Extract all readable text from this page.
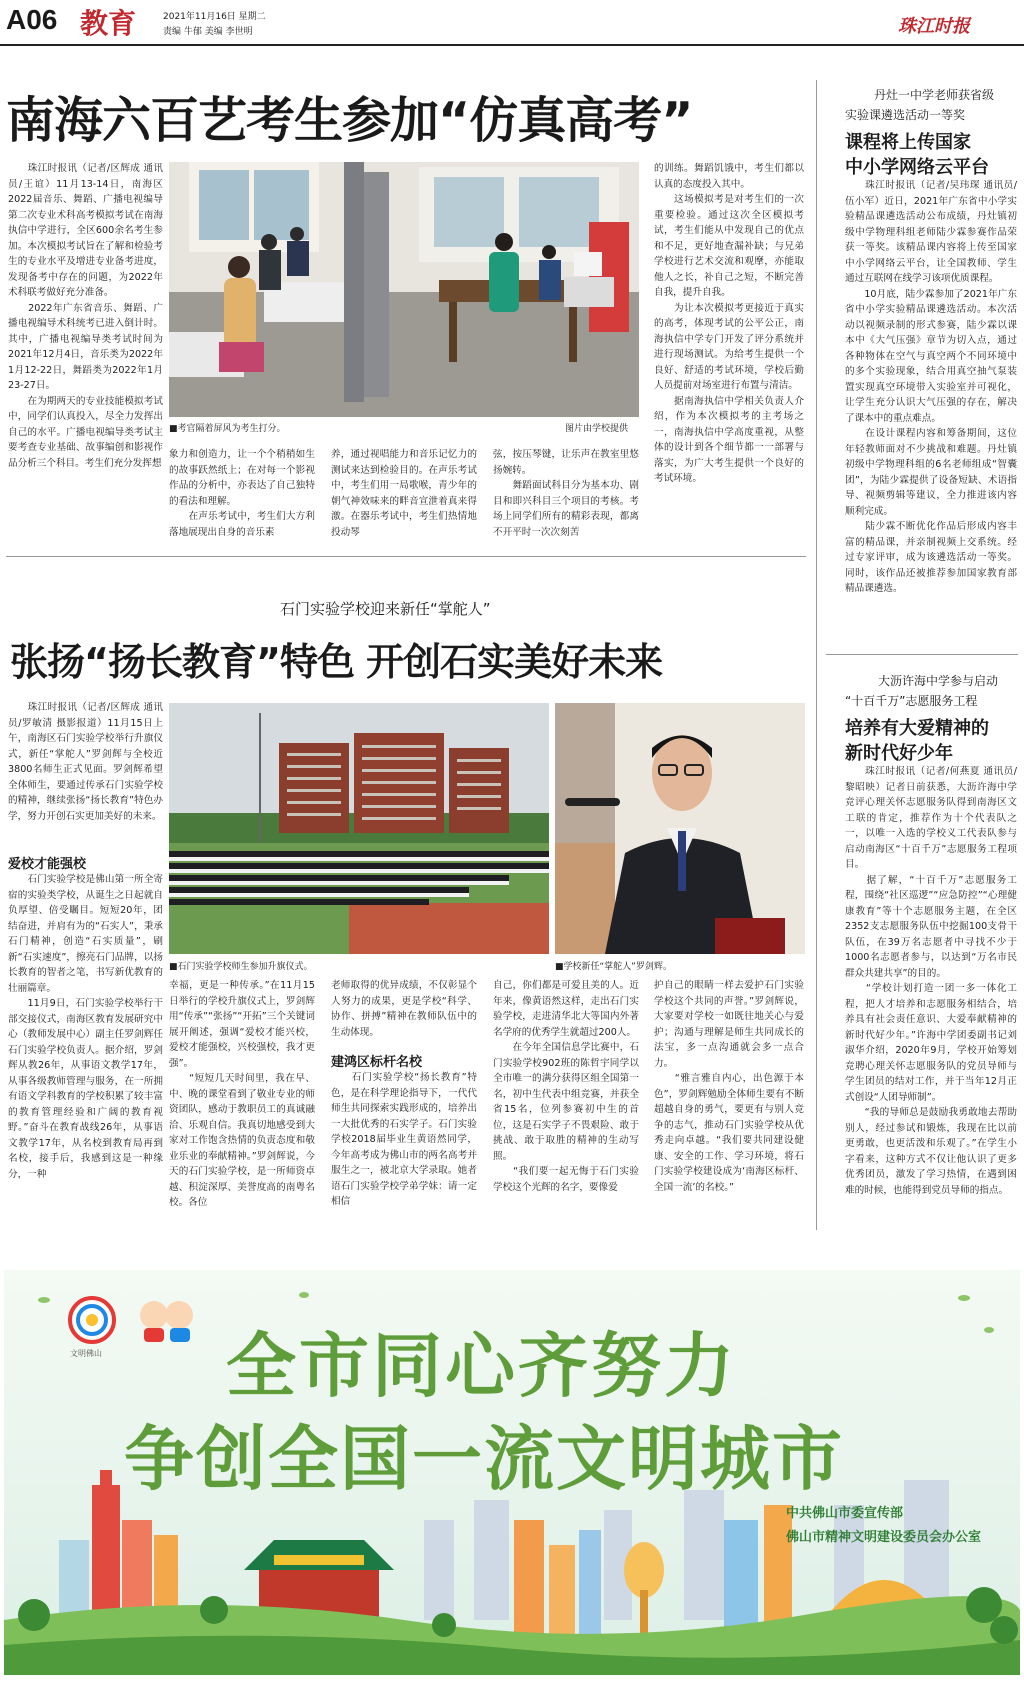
A06 教育	2021年11月16日 星期二
责编 牛郁 美编 李世明	珠江时报
南海六百艺考生参加“仿真高考”
　　珠江时报讯（记者/区辉成 通讯员/王谊）11月13-14日，南海区2022届音乐、舞蹈、广播电视编导第二次专业术科高考模拟考试在南海执信中学进行，全区600余名考生参加。本次模拟考试旨在了解和检验考生的专业水平及增进专业备考进度，发现备考中存在的问题，为2022年术科联考做好充分准备。
　　2022年广东省音乐、舞蹈、广播电视编导术科统考已进入倒计时。其中，广播电视编导类考试时间为2021年12月4日，音乐类为2022年1月12-22日，舞蹈类为2022年1月23-27日。
　　在为期两天的专业技能模拟考试中，同学们认真投入，尽全力发挥出自己的水平。广播电视编导类考试主要考查专业基础、故事编创和影视作品分析三个科目。考生们充分发挥想
■考官隔着屏风为考生打分。	图片由学校提供
象力和创造力，让一个个稍稍如生的故事跃然纸上；在对每一个影视作品的分析中，亦表达了自己独特的看法和理解。
　　在声乐考试中，考生们大方利落地展现出自身的音乐素
养，通过视唱能力和音乐记忆力的测试来达到检验目的。在声乐考试中，考生们用一局歌喉，青少年的朝气神效味来的畔音宣泄着真来得激。在器乐考试中，考生们热情地投动琴
弦，按压琴键，让乐声在教室里悠扬婉转。
　　舞蹈面试科目分为基本功、剧目和即兴科目三个项目的考核。考场上同学们所有的精彩表现，都离不开平时一次次刻苦
的训练。舞蹈饥饿中，考生们都以认真的态度投入其中。
　　这场模拟考是对考生们的一次重要检验。通过这次全区模拟考试，考生们能从中发现自己的优点和不足，更好地查漏补缺；与兄弟学校进行艺术交流和观摩，亦能取他人之长，补自己之短，不断完善自我，提升自我。
　　为让本次模拟考更接近于真实的高考，体现考试的公平公正，南海执信中学专门开发了评分系统并进行现场测试。为给考生提供一个良好、舒适的考试环境，学校后勤人员提前对场室进行布置与清洁。
　　据南海执信中学相关负责人介绍，作为本次模拟考的主考场之一，南海执信中学高度重视，从整体的设计到各个细节都一一部署与落实，为广大考生提供一个良好的考试环境。
石门实验学校迎来新任“掌舵人”
张扬“扬长教育”特色 开创石实美好未来
　　珠江时报讯（记者/区辉成 通讯员/罗敏清 摄影报道）11月15日上午，南海区石门实验学校举行升旗仪式，新任“掌舵人”罗剑辉与全校近3800名师生正式见面。罗剑辉希望全体师生，要通过传承石门实验学校的精神，继续张扬“扬长教育”特色办学，努力开创石实更加美好的未来。
爱校才能强校
　　石门实验学校是佛山第一所全寄宿的实验类学校，从诞生之日起就自负厚望、倍受瞩目。短短20年，团结奋进，并肩有为的“石实人”，秉承石门精神，创造“石实质量”，刷新“石实速度”，擦亮石门品牌，以扬长教育的智者之笔，书写新优教育的壮丽篇章。
　　11月9日，石门实验学校举行干部交接仪式，南海区教育发展研究中心（教师发展中心）副主任罗剑辉任石门实验学校负责人。据介绍，罗剑辉从教26年，从事语文教学17年，从事各级教师管理与服务，在一所拥有语文学科教育的学校积累了较丰富的教育管理经验和广阔的教育视野。”奋斗在教育战线26年，从事语文教学17年，从名校到教育局再到名校，接手后，我感到这是一种缘分，一种
■石门实验学校师生参加升旗仪式。	■学校新任“掌舵人”罗剑辉。
幸福，更是一种传承。”在11月15日举行的学校升旗仪式上，罗剑辉用“传承”“张扬”“开拓”三个关键词展开阐述，强调“爱校才能兴校，爱校才能强校，兴校强校，我才更强”。
　　“短短几天时间里，我在早、中、晚的课堂看到了敬业专业的师资团队，感动于教职员工的真诚融洽、乐观自信。我真切地感受到大家对工作饱含热情的负责态度和敬业乐业的奉献精神。”罗剑辉说，今天的石门实验学校，是一所师资卓越、积淀深厚、美誉度高的南粤名校。各位
老师取得的优异成绩，不仅彰显个人努力的成果，更是学校“科学、协作、拼搏”精神在教师队伍中的生动体现。
建鸿区标杆名校
　　石门实验学校“扬长教育”特色，是在科学理论指导下，一代代师生共同探索实践形成的，培养出一大批优秀的石实学子。石门实验学校2018届毕业生黄语然同学，今年高考成为佛山市的两名高考并服生之一，被北京大学录取。她者语石门实验学校学弟学妹：请一定相信
自己，你们都是可爱且美的人。近年来，像黄语然这样，走出石门实验学校，走进清华北大等国内外著名学府的优秀学生就超过200人。
　　在今年全国信息学比赛中，石门实验学校902班的陈哲宇同学以全市唯一的满分获得区组全国第一名，初中生代表中组竞赛，并获全省15名，位列参赛初中生的首位，这是石实学子不畏艰险、敢于挑战、敢于取胜的精神的生动写照。
　　“我们要一起无悔于石门实验学校这个光辉的名字，要像爱
护自己的眼睛一样去爱护石门实验学校这个共同的声誉。”罗剑辉说，大家要对学校一如既往地关心与爱护；沟通与理解是师生共同成长的法宝，多一点沟通就会多一点合力。
　　“雅言雅自内心，出色源于本色”，罗剑辉勉励全体师生要有不断超越自身的勇气，要更有与别人竞争的志气，推动石门实验学校从优秀走向卓越。“我们要共同建设健康、安全的工作、学习环境，将石门实验学校建设成为‘南海区标杆、全国一流’的名校。”
丹灶一中学老师获省级
实验课遴选活动一等奖
课程将上传国家
中小学网络云平台
　　珠江时报讯（记者/吴玮琛 通讯员/伍小军）近日，2021年广东省中小学实验精品课遴选活动公布成绩，丹灶镇初级中学物理科组老师陆少霖参赛作品荣获一等奖。该精品课内容将上传至国家中小学网络云平台，让全国教师、学生通过互联网在线学习该项优质课程。
　　10月底，陆少霖参加了2021年广东省中小学实验精品课遴选活动。本次活动以视频录制的形式参赛，陆少霖以课本中《大气压强》章节为切入点，通过各种物体在空气与真空两个不同环境中的多个实验现象，结合用真空抽气泵装置实现真空环境带入实验室并可视化，让学生充分认识大气压强的存在，解决了课本中的重点难点。
　　在设计课程内容和筹备期间，这位年轻教师面对不少挑战和难题。丹灶镇初级中学物理科组的6名老师组成“智囊团”，为陆少霖提供了设备短缺、术语指导、视频剪辑等建议，全力推进该内容顺利完成。
　　陆少霖不断优化作品后形成内容丰富的精品课，并亲制视频上交系统。经过专家评审，成为该遴选活动一等奖。同时，该作品还被推荐参加国家教育部精品课遴选。
大沥许海中学参与启动
“十百千万”志愿服务工程
培养有大爱精神的
新时代好少年
　　珠江时报讯（记者/何燕夏 通讯员/黎昭映）记者日前获悉，大沥许海中学竞评心理关怀志愿服务队得到南海区文工联的肯定，推荐作为十个代表队之一，以唯一入选的学校义工代表队参与启动南海区“十百千万”志愿服务工程项目。
　　据了解，“十百千万”志愿服务工程，围绕“社区巡逻”“应急防控”“心理健康教育”等十个志愿服务主题，在全区2352支志愿服务队伍中挖掘100支骨干队伍，在39万名志愿者中寻找不少于1000名志愿者参与，以达到“万名市民群众共建共享”的目的。
　　“学校计划打造一团一多一体化工程，把人才培养和志愿服务相结合，培养具有社会责任意识、大爱奉献精神的新时代好少年。”许海中学团委副书记刘淑华介绍，2020年9月，学校开始筹划竞聘心理关怀志愿服务队的党员导师与学生团员的结对工作，并于当年12月正式创设“人团导师制”。
　　“我的导师总是鼓励我勇敢地去帮助别人，经过参试和锻炼，我现在比以前更勇敢，也更活泼和乐观了。”在学生小字看来，这种方式不仅让他认识了更多优秀团员，激发了学习热情，在遇到困难的时候，也能得到党员导师的指点。
文明佛山 全市同心齐努力
争创全国一流文明城市
中共佛山市委宣传部
佛山市精神文明建设委员会办公室
